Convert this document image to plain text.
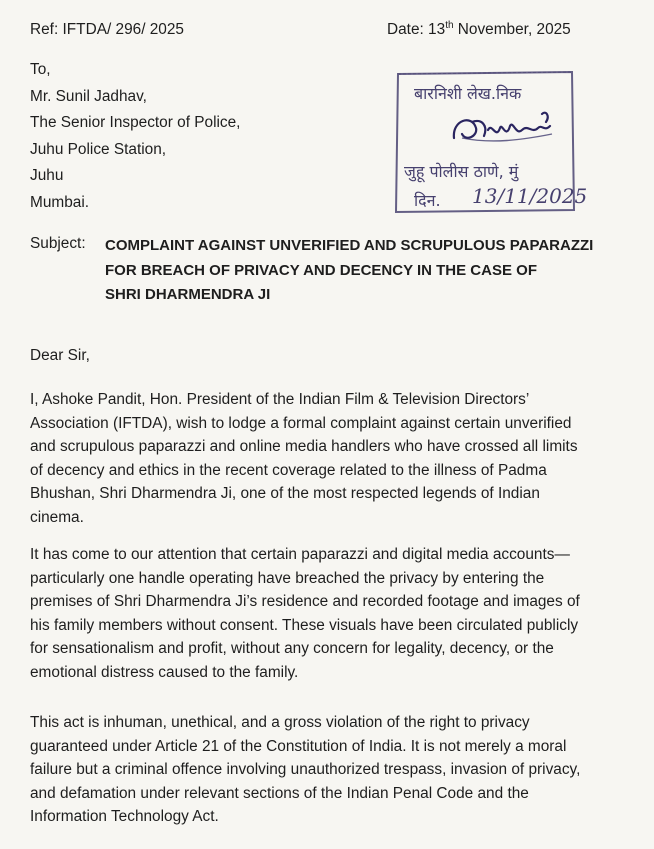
Ref: IFTDA/ 296/ 2025	Date: 13th November, 2025
To,
Mr. Sunil Jadhav,
The Senior Inspector of Police,
Juhu Police Station,
Juhu
Mumbai.
बारनिशी लेख.निक
जुहू पोलीस ठाणे, मुं
दिन. 13/11/2025
Subject: COMPLAINT AGAINST UNVERIFIED AND SCRUPULOUS PAPARAZZI
FOR BREACH OF PRIVACY AND DECENCY IN THE CASE OF
SHRI DHARMENDRA JI
Dear Sir,
I, Ashoke Pandit, Hon. President of the Indian Film & Television Directors’
Association (IFTDA), wish to lodge a formal complaint against certain unverified
and scrupulous paparazzi and online media handlers who have crossed all limits
of decency and ethics in the recent coverage related to the illness of Padma
Bhushan, Shri Dharmendra Ji, one of the most respected legends of Indian
cinema.
It has come to our attention that certain paparazzi and digital media accounts—
particularly one handle operating have breached the privacy by entering the
premises of Shri Dharmendra Ji’s residence and recorded footage and images of
his family members without consent. These visuals have been circulated publicly
for sensationalism and profit, without any concern for legality, decency, or the
emotional distress caused to the family.
This act is inhuman, unethical, and a gross violation of the right to privacy
guaranteed under Article 21 of the Constitution of India. It is not merely a moral
failure but a criminal offence involving unauthorized trespass, invasion of privacy,
and defamation under relevant sections of the Indian Penal Code and the
Information Technology Act.
